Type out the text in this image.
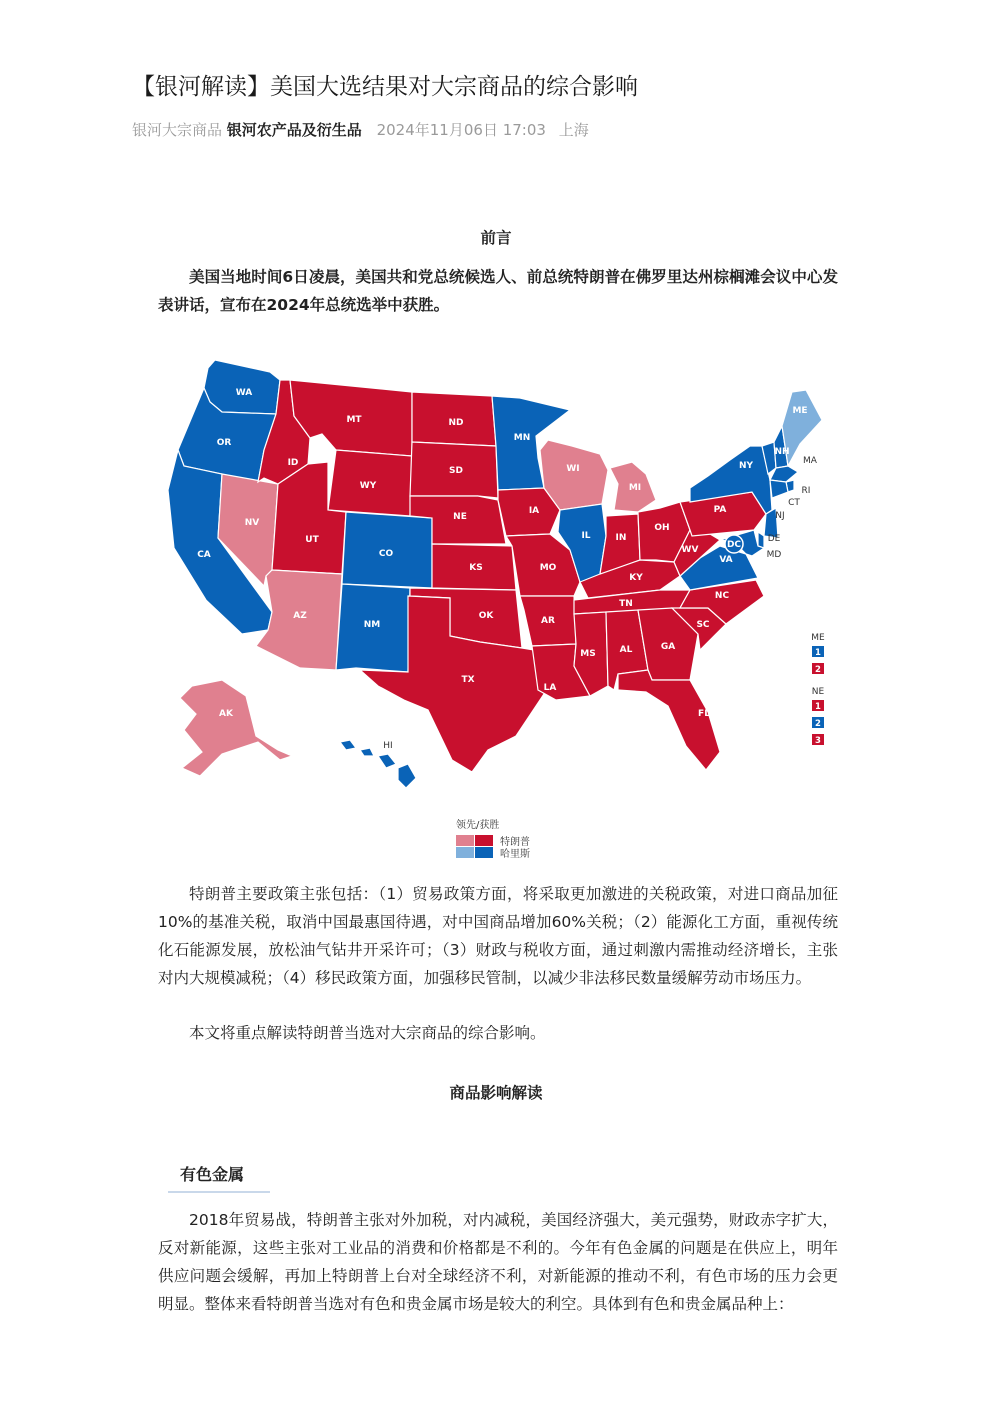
【银河解读】美国大选结果对大宗商品的综合影响
银河大宗商品 银河农产品及衍生品 2024年11月06日 17:03 上海
前言
美国当地时间6日凌晨，美国共和党总统候选人、前总统特朗普在佛罗里达州棕榈滩会议中心发表讲话，宣布在2024年总统选举中获胜。
WA
OR
CA
NV
ID
MT
WY
UT
AZ
CO
NM
ND
SD
NE
KS
OK
TX
MN
IA
MO
AR
LA
WI
IL
MI
IN
OH
KY
TN
MS	AL	GA
FL
SC
NC
VA
WV
PA
NY
VT
NH
ME
MA
RI
CT
NJ
DE
MD
AK
HI
DC
ME
1
2
NE
1
2
3
领先/获胜
特朗普
哈里斯
特朗普主要政策主张包括：（1）贸易政策方面，将采取更加激进的关税政策，对进口商品加征10%的基准关税，取消中国最惠国待遇，对中国商品增加60%关税；（2）能源化工方面，重视传统化石能源发展，放松油气钻井开采许可；（3）财政与税收方面，通过刺激内需推动经济增长，主张对内大规模减税；（4）移民政策方面，加强移民管制，以减少非法移民数量缓解劳动市场压力。
本文将重点解读特朗普当选对大宗商品的综合影响。
商品影响解读
有色金属
2018年贸易战，特朗普主张对外加税，对内减税，美国经济强大，美元强势，财政赤字扩大，反对新能源，这些主张对工业品的消费和价格都是不利的。今年有色金属的问题是在供应上，明年供应问题会缓解，再加上特朗普上台对全球经济不利，对新能源的推动不利，有色市场的压力会更明显。整体来看特朗普当选对有色和贵金属市场是较大的利空。具体到有色和贵金属品种上：
